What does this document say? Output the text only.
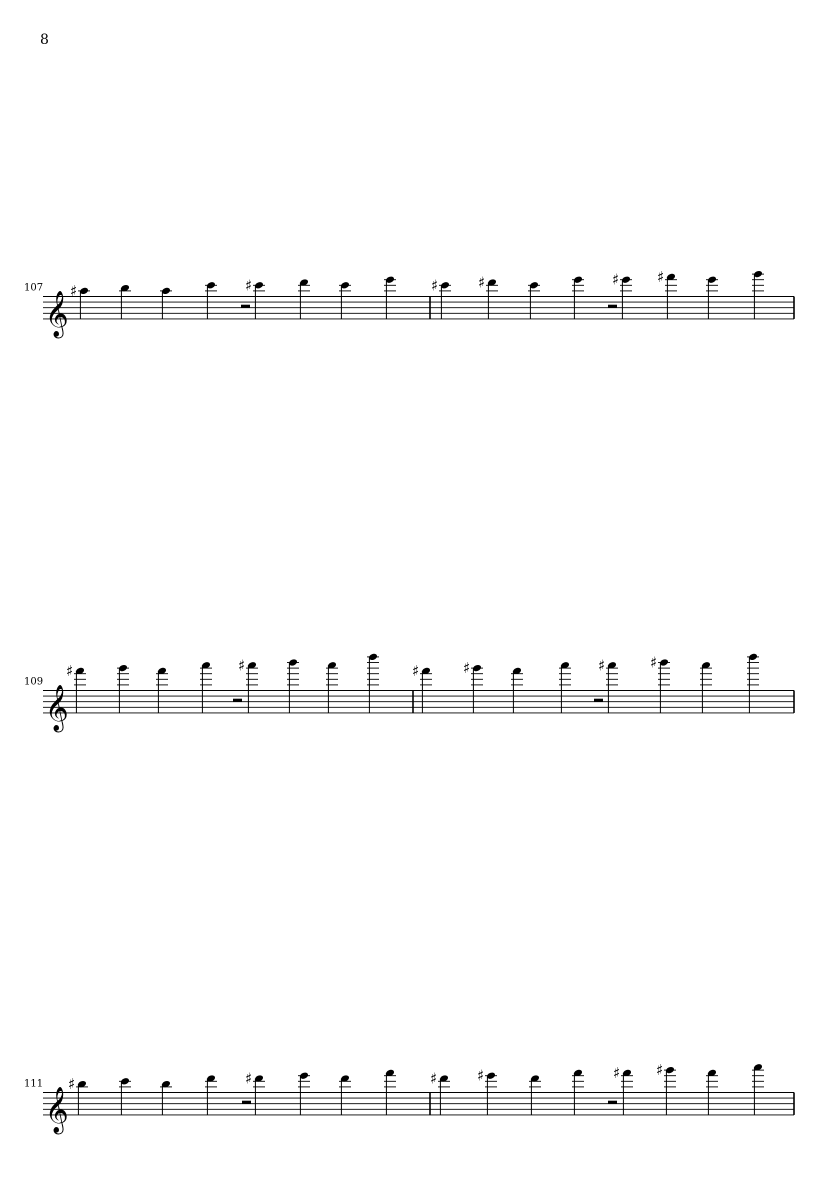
8
𝄞
107 ♯	♯	♯	♯	♯	♯
𝄞
109
♯	♯	♯	♯	♯	♯
𝄞
111 ♯	♯	♯	♯	♯ ♯
